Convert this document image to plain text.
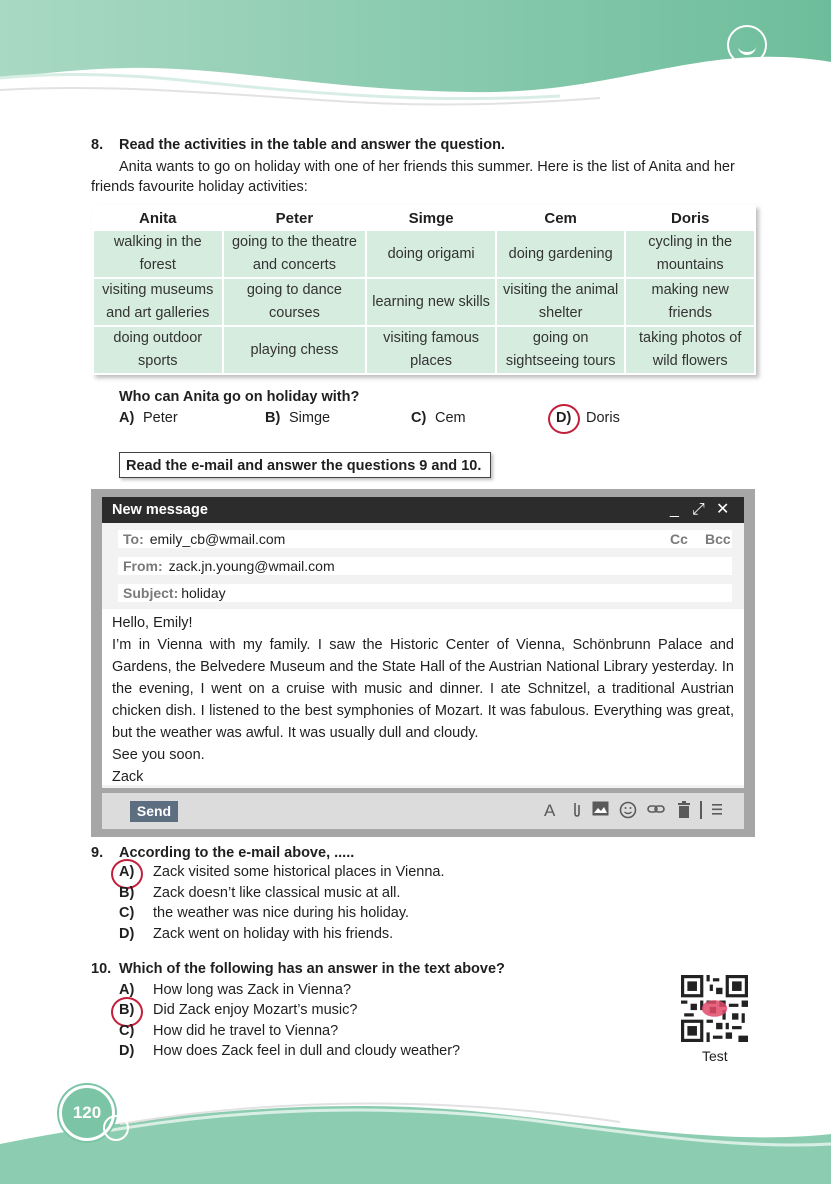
8. Read the activities in the table and answer the question.
Anita wants to go on holiday with one of her friends this summer. Here is the list of Anita and her
friends favourite holiday activities:
Anita	Peter	Simge	Cem	Doris
walking in the forest	going to the theatre and concerts	doing origami	doing gardening	cycling in the mountains
visiting museums and art galleries	going to dance courses	learning new skills	visiting the animal shelter	making new friends
doing outdoor sports	playing chess	visiting famous places	going on sightseeing tours	taking photos of wild flowers
Who can Anita go on holiday with?
A) Peter	B) Simge	C) Cem	D) Doris
Read the e-mail and answer the questions 9 and 10.
New message	_ ⤢ ✕
To: emily_cb@wmail.com	Cc Bcc
From: zack.jn.young@wmail.com
Subject: holiday
Hello, Emily!
I’m in Vienna with my family. I saw the Historic Center of Vienna, Schönbrunn Palace and Gardens, the Belvedere Museum and the State Hall of the Austrian National Library yesterday. In the evening, I went on a cruise with music and dinner. I ate Schnitzel, a traditional Austrian chicken dish. I listened to the best symphonies of Mozart. It was fabulous. Everything was great, but the weather was awful. It was usually dull and cloudy.
See you soon.
Zack
Send	A
9. According to the e-mail above, .....
A) Zack visited some historical places in Vienna.
B) Zack doesn’t like classical music at all.
C) the weather was nice during his holiday.
D) Zack went on holiday with his friends.
10. Which of the following has an answer in the text above?
A) How long was Zack in Vienna?
B) Did Zack enjoy Mozart’s music?
C) How did he travel to Vienna?
D) How does Zack feel in dull and cloudy weather?	Test
120
